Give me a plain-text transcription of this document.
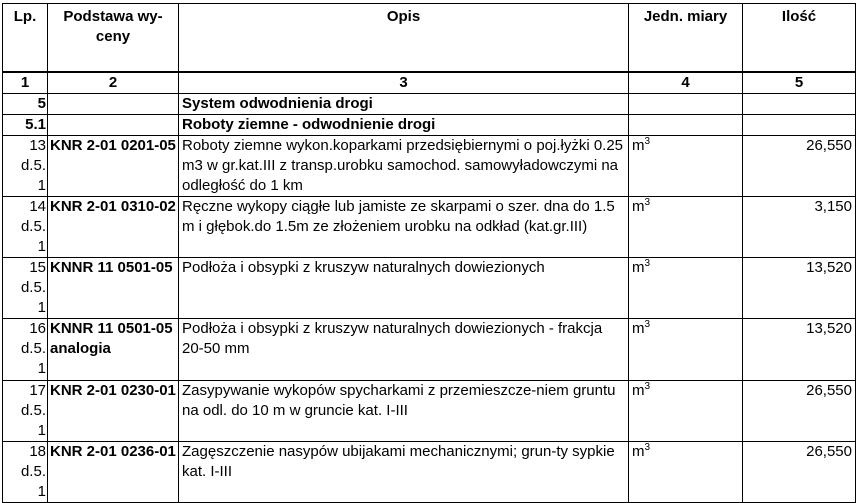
Lp.	Podstawa wy-ceny	Opis	Jedn. miary	Ilość
1	2	3	4	5
5		System odwodnienia drogi		
5.1		Roboty ziemne - odwodnienie drogi		

13
d.5.
1	KNR 2-01 0201-05	Roboty ziemne wykon.koparkami przedsiębiernymi o poj.łyżki 0.25 m3 w gr.kat.III z transp.urobku samochod. samowyładowczymi na odległość do 1 km	$m^3$	26,550

14
d.5.
1	KNR 2-01 0310-02	Ręczne wykopy ciągłe lub jamiste ze skarpami o szer. dna do 1.5 m i głębok.do 1.5m ze złożeniem urobku na odkład (kat.gr.III)	$m^3$	3,150

15
d.5.
1	KNNR 11 0501-05	Podłoża i obsypki z kruszyw naturalnych dowiezionych	$m^3$	13,520

16
d.5.
1	KNNR 11 0501-05 analogia	Podłoża i obsypki z kruszyw naturalnych dowiezionych - frakcja 20-50 mm	$m^3$	13,520

17
d.5.
1	KNR 2-01 0230-01	Zasypywanie wykopów spycharkami z przemieszcze-niem gruntu na odl. do 10 m w gruncie kat. I-III	$m^3$	26,550

18
d.5.
1	KNR 2-01 0236-01	Zagęszczenie nasypów ubijakami mechanicznymi; grun-ty sypkie kat. I-III	$m^3$	26,550
